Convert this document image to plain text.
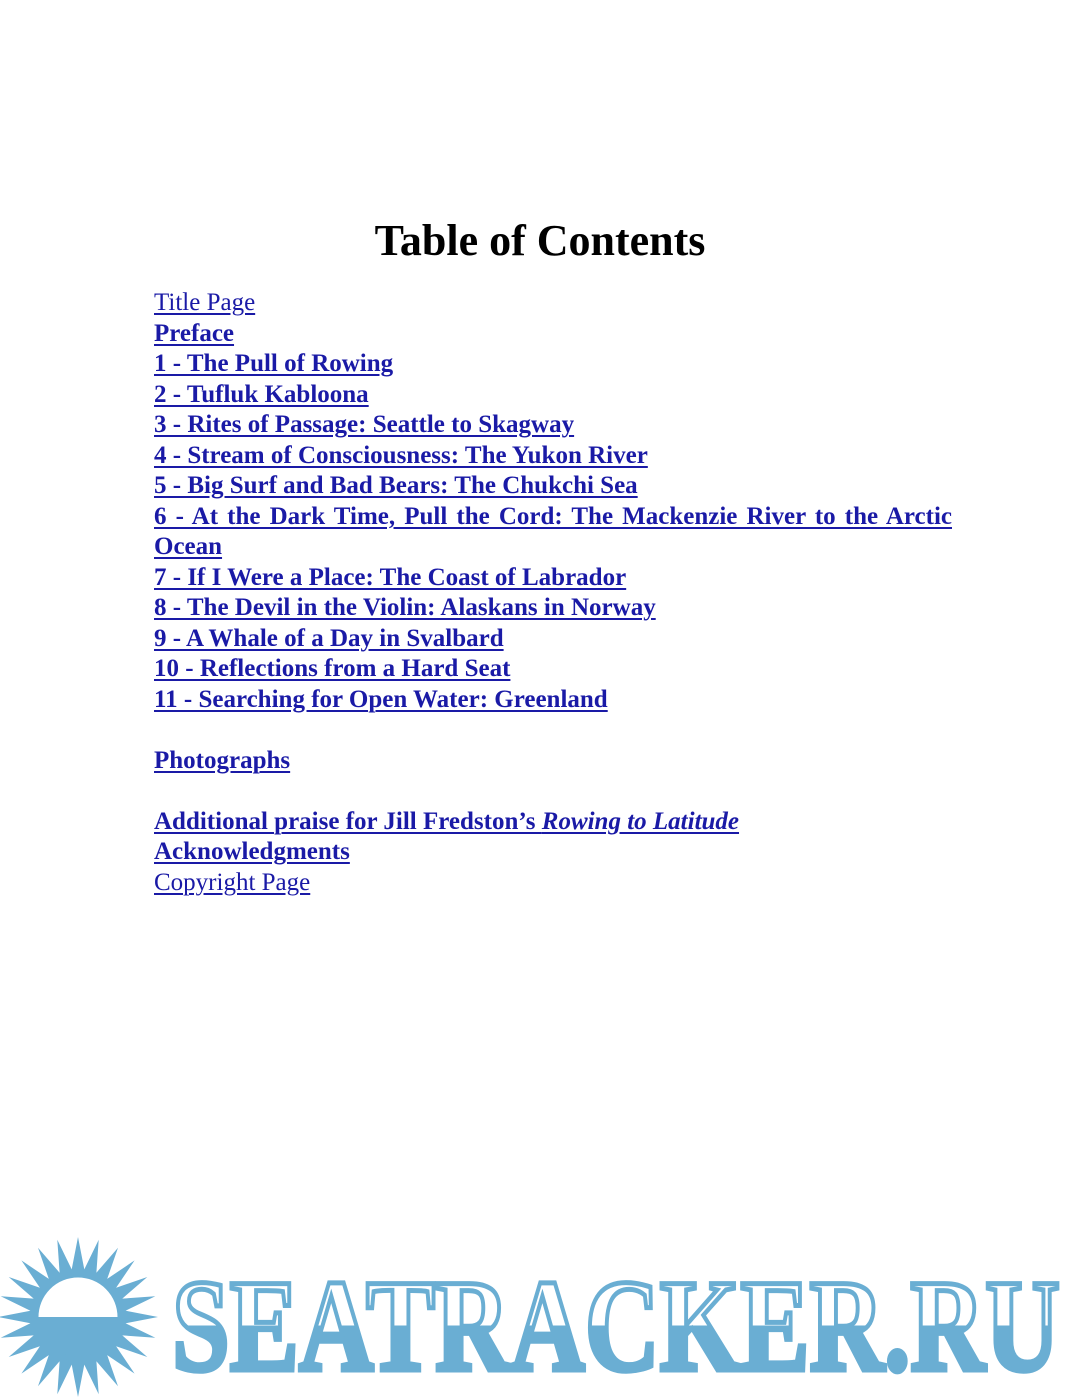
Table of Contents
Title Page
Preface
1 - The Pull of Rowing
2 - Tufluk Kabloona
3 - Rites of Passage: Seattle to Skagway
4 - Stream of Consciousness: The Yukon River
5 - Big Surf and Bad Bears: The Chukchi Sea
6 - At the Dark Time, Pull the Cord: The Mackenzie River to the Arctic Ocean
7 - If I Were a Place: The Coast of Labrador
8 - The Devil in the Violin: Alaskans in Norway
9 - A Whale of a Day in Svalbard
10 - Reflections from a Hard Seat
11 - Searching for Open Water: Greenland
Photographs
Additional praise for Jill Fredston’s Rowing to Latitude
Acknowledgments
Copyright Page
SEATRACKER.RU
